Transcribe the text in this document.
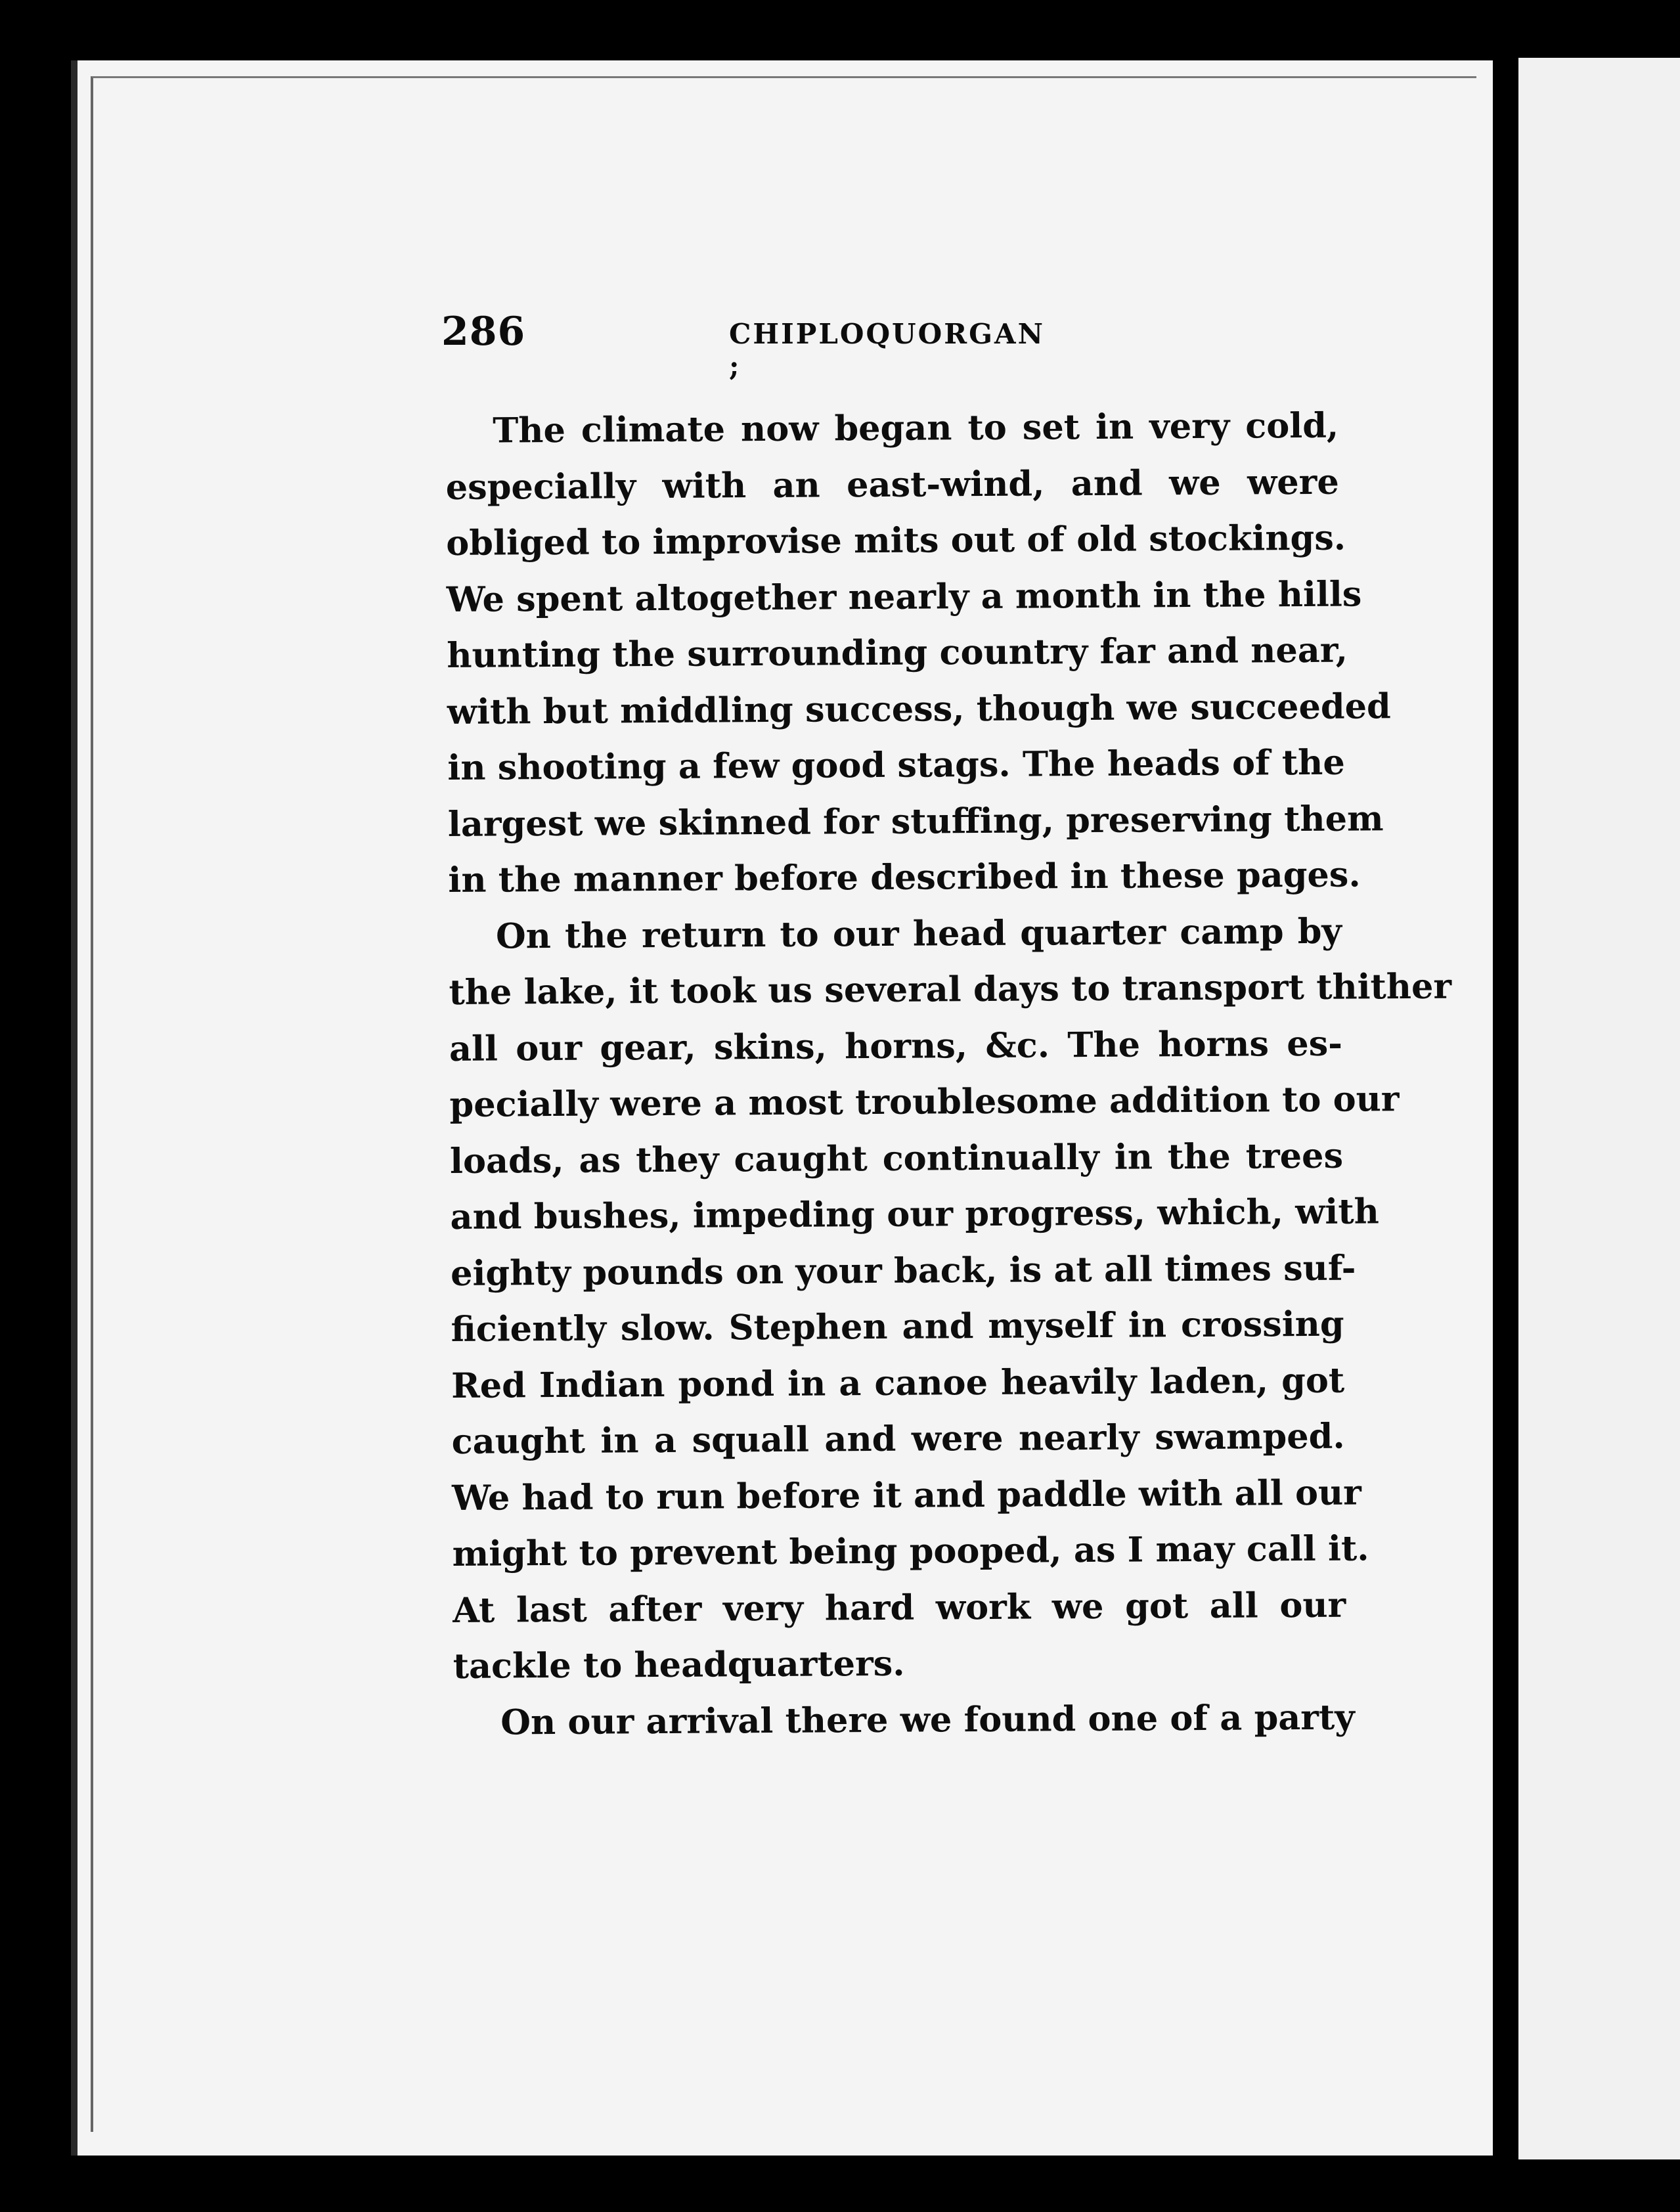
286	CHIPLOQUORGAN ;
The climate now began to set in very cold,
especially with an east-wind, and we were
obliged to improvise mits out of old stockings.
We spent altogether nearly a month in the hills
hunting the surrounding country far and near,
with but middling success, though we succeeded
in shooting a few good stags. The heads of the
largest we skinned for stuffing, preserving them
in the manner before described in these pages.
On the return to our head quarter camp by
the lake, it took us several days to transport thither
all our gear, skins, horns, &c. The horns es-
pecially were a most troublesome addition to our
loads, as they caught continually in the trees
and bushes, impeding our progress, which, with
eighty pounds on your back, is at all times suf-
ficiently slow. Stephen and myself in crossing
Red Indian pond in a canoe heavily laden, got
caught in a squall and were nearly swamped.
We had to run before it and paddle with all our
might to prevent being pooped, as I may call it.
At last after very hard work we got all our
tackle to headquarters.
On our arrival there we found one of a party
